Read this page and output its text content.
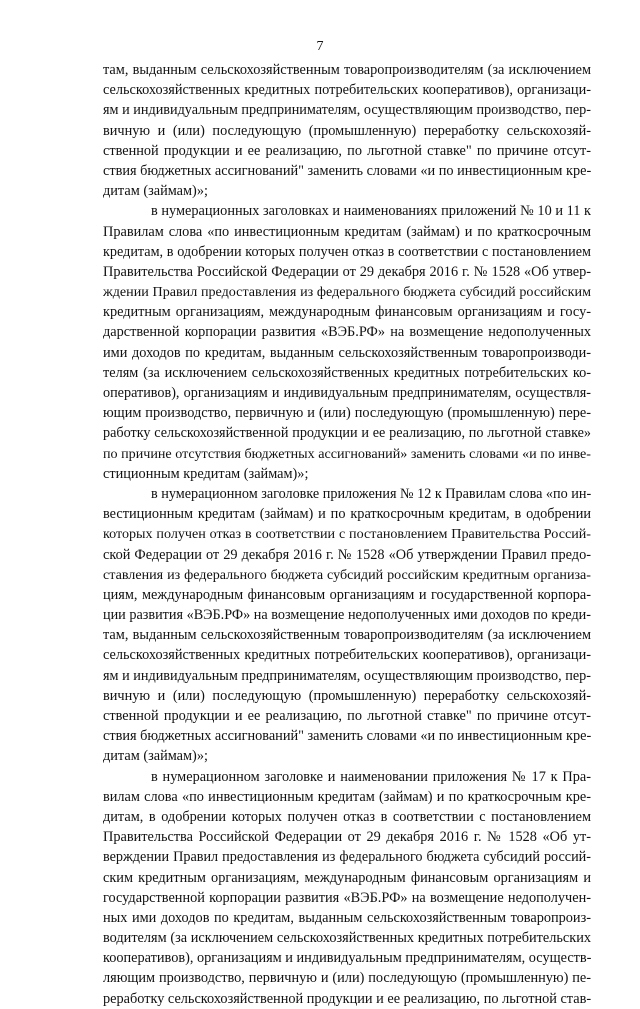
7
там, выданным сельскохозяйственным товаропроизводителям (за исключением
сельскохозяйственных кредитных потребительских кооперативов), организаци-
ям и индивидуальным предпринимателям, осуществляющим производство, пер-
вичную и (или) последующую (промышленную) переработку сельскохозяй-
ственной продукции и ее реализацию, по льготной ставке" по причине отсут-
ствия бюджетных ассигнований" заменить словами «и по инвестиционным кре-
дитам (займам)»;
в нумерационных заголовках и наименованиях приложений № 10 и 11 к
Правилам слова «по инвестиционным кредитам (займам) и по краткосрочным
кредитам, в одобрении которых получен отказ в соответствии с постановлением
Правительства Российской Федерации от 29 декабря 2016 г. № 1528 «Об утвер-
ждении Правил предоставления из федерального бюджета субсидий российским
кредитным организациям, международным финансовым организациям и госу-
дарственной корпорации развития «ВЭБ.РФ» на возмещение недополученных
ими доходов по кредитам, выданным сельскохозяйственным товаропроизводи-
телям (за исключением сельскохозяйственных кредитных потребительских ко-
оперативов), организациям и индивидуальным предпринимателям, осуществля-
ющим производство, первичную и (или) последующую (промышленную) пере-
работку сельскохозяйственной продукции и ее реализацию, по льготной ставке»
по причине отсутствия бюджетных ассигнований» заменить словами «и по инве-
стиционным кредитам (займам)»;
в нумерационном заголовке приложения № 12 к Правилам слова «по ин-
вестиционным кредитам (займам) и по краткосрочным кредитам, в одобрении
которых получен отказ в соответствии с постановлением Правительства Россий-
ской Федерации от 29 декабря 2016 г. № 1528 «Об утверждении Правил предо-
ставления из федерального бюджета субсидий российским кредитным организа-
циям, международным финансовым организациям и государственной корпора-
ции развития «ВЭБ.РФ» на возмещение недополученных ими доходов по креди-
там, выданным сельскохозяйственным товаропроизводителям (за исключением
сельскохозяйственных кредитных потребительских кооперативов), организаци-
ям и индивидуальным предпринимателям, осуществляющим производство, пер-
вичную и (или) последующую (промышленную) переработку сельскохозяй-
ственной продукции и ее реализацию, по льготной ставке" по причине отсут-
ствия бюджетных ассигнований" заменить словами «и по инвестиционным кре-
дитам (займам)»;
в нумерационном заголовке и наименовании приложения № 17 к Пра-
вилам слова «по инвестиционным кредитам (займам) и по краткосрочным кре-
дитам, в одобрении которых получен отказ в соответствии с постановлением
Правительства Российской Федерации от 29 декабря 2016 г. № 1528 «Об ут-
верждении Правил предоставления из федерального бюджета субсидий россий-
ским кредитным организациям, международным финансовым организациям и
государственной корпорации развития «ВЭБ.РФ» на возмещение недополучен-
ных ими доходов по кредитам, выданным сельскохозяйственным товаропроиз-
водителям (за исключением сельскохозяйственных кредитных потребительских
кооперативов), организациям и индивидуальным предпринимателям, осуществ-
ляющим производство, первичную и (или) последующую (промышленную) пе-
реработку сельскохозяйственной продукции и ее реализацию, по льготной став-
